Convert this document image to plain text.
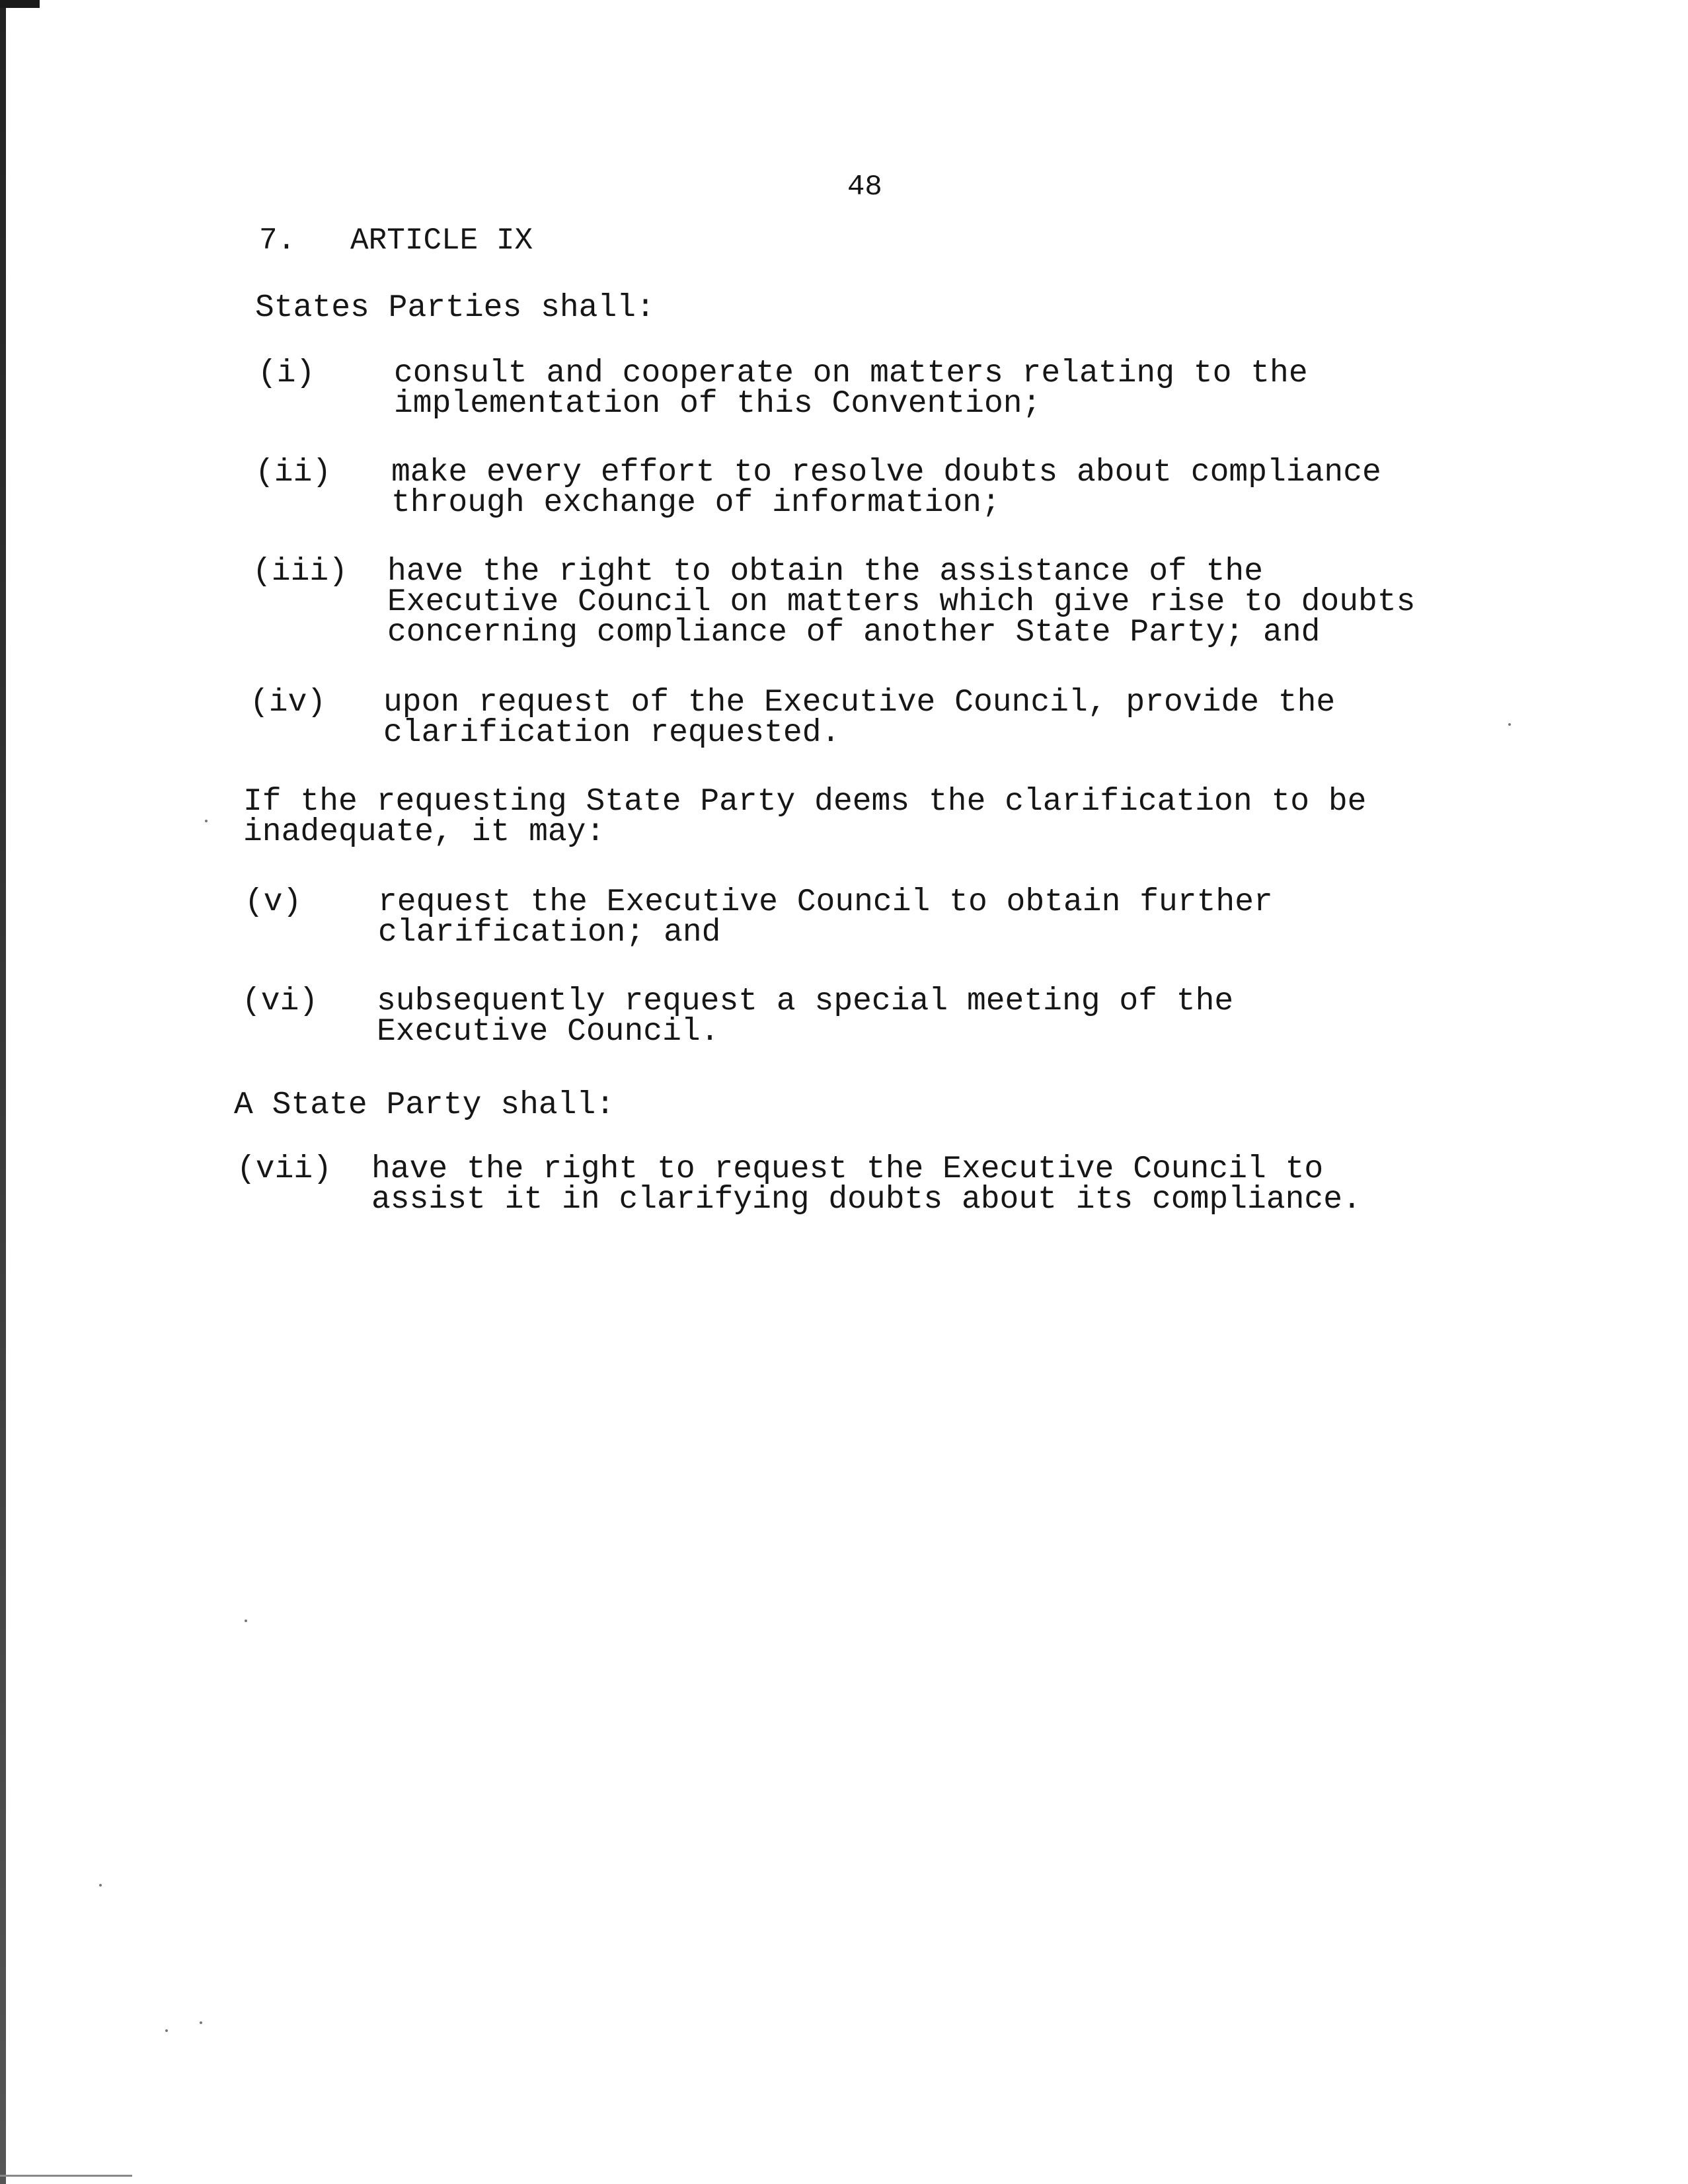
48
7.   ARTICLE IX
States Parties shall:
(i) consult and cooperate on matters relating to the
implementation of this Convention;
(ii) make every effort to resolve doubts about compliance
through exchange of information;
(iii) have the right to obtain the assistance of the
Executive Council on matters which give rise to doubts
concerning compliance of another State Party; and
(iv) upon request of the Executive Council, provide the
clarification requested.
If the requesting State Party deems the clarification to be
inadequate, it may:
(v) request the Executive Council to obtain further
clarification; and
(vi) subsequently request a special meeting of the
Executive Council.
A State Party shall:
(vii) have the right to request the Executive Council to
assist it in clarifying doubts about its compliance.
